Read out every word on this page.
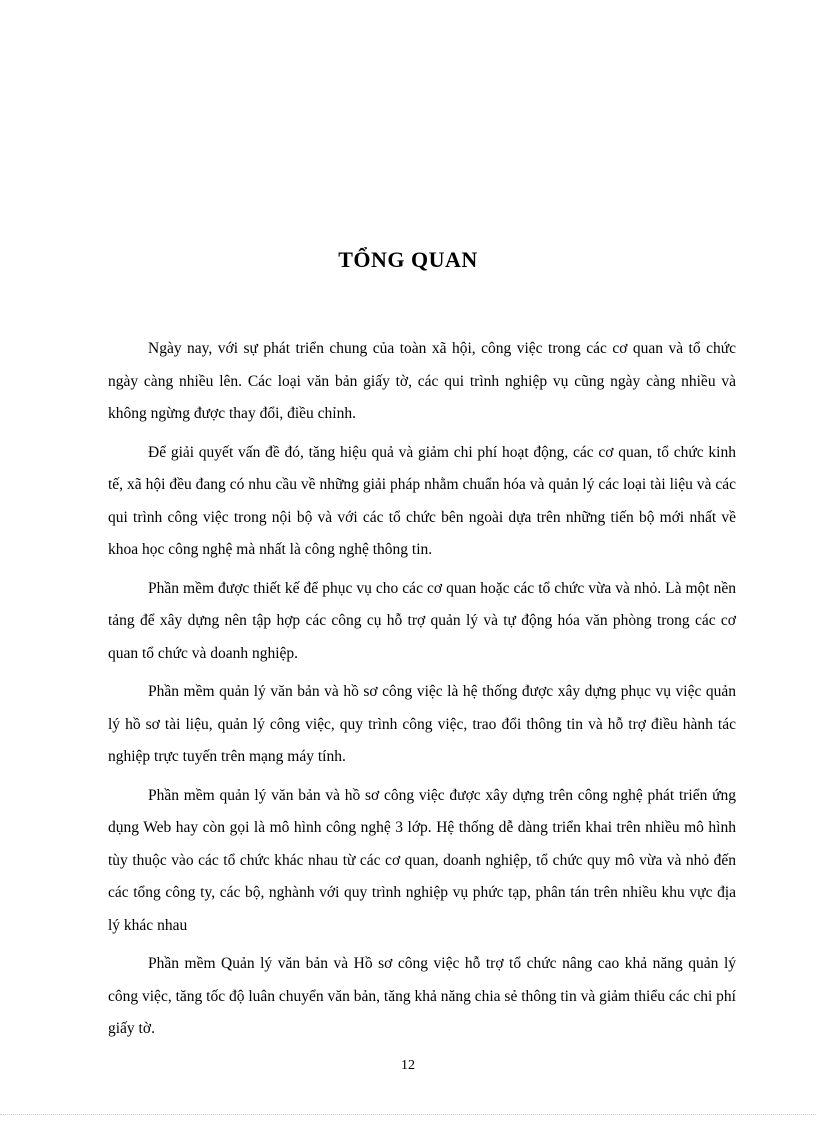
TỔNG QUAN

Ngày nay, với sự phát triển chung của toàn xã hội, công việc trong các cơ quan và tổ chức ngày càng nhiều lên. Các loại văn bản giấy tờ, các qui trình nghiệp vụ cũng ngày càng nhiều và không ngừng được thay đổi, điều chỉnh.

Để giải quyết vấn đề đó, tăng hiệu quả và giảm chi phí hoạt động, các cơ quan, tổ chức kinh tế, xã hội đều đang có nhu cầu về những giải pháp nhằm chuẩn hóa và quản lý các loại tài liệu và các qui trình công việc trong nội bộ và với các tổ chức bên ngoài dựa trên những tiến bộ mới nhất về khoa học công nghệ mà nhất là công nghệ thông tin.

Phần mềm được thiết kế để phục vụ cho các cơ quan hoặc các tổ chức vừa và nhỏ. Là một nền tảng để xây dựng nên tập hợp các công cụ hỗ trợ quản lý và tự động hóa văn phòng trong các cơ quan tổ chức và doanh nghiệp.

Phần mềm quản lý văn bản và hồ sơ công việc là hệ thống được xây dựng phục vụ việc quản lý hồ sơ tài liệu, quản lý công việc, quy trình công việc, trao đổi thông tin và hỗ trợ điều hành tác nghiệp trực tuyến trên mạng máy tính.

Phần mềm quản lý văn bản và hồ sơ công việc được xây dựng trên công nghệ phát triển ứng dụng Web hay còn gọi là mô hình công nghệ 3 lớp. Hệ thống dễ dàng triển khai trên nhiều mô hình tùy thuộc vào các tổ chức khác nhau từ các cơ quan, doanh nghiệp, tổ chức quy mô vừa và nhỏ đến các tổng công ty, các bộ, nghành với quy trình nghiệp vụ phức tạp, phân tán trên nhiều khu vực địa lý khác nhau

Phần mềm Quản lý văn bản và Hồ sơ công việc hỗ trợ tổ chức nâng cao khả năng quản lý công việc, tăng tốc độ luân chuyển văn bản, tăng khả năng chia sẻ thông tin và giảm thiểu các chi phí giấy tờ.

12
